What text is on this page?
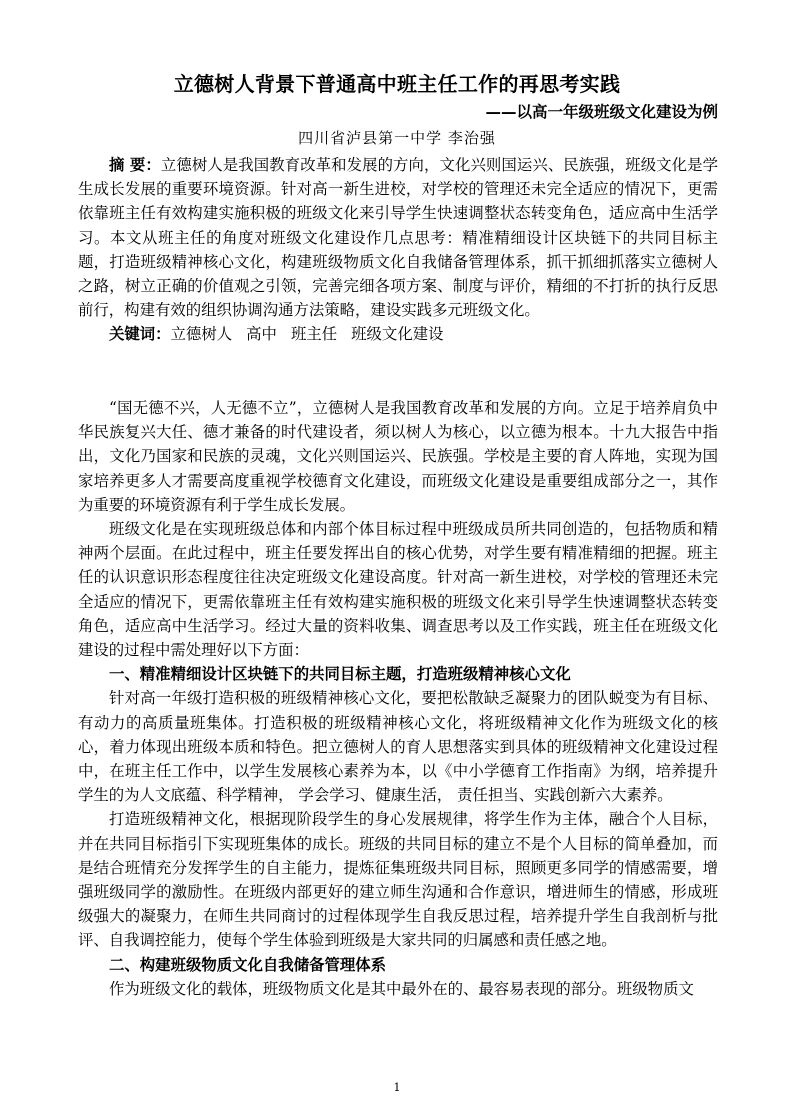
立德树人背景下普通高中班主任工作的再思考实践
——以高一年级班级文化建设为例
四川省泸县第一中学 李治强

摘 要：立德树人是我国教育改革和发展的方向，文化兴则国运兴、民族强，班级文化是学生成长发展的重要环境资源。针对高一新生进校，对学校的管理还未完全适应的情况下，更需依靠班主任有效构建实施积极的班级文化来引导学生快速调整状态转变角色，适应高中生活学习。本文从班主任的角度对班级文化建设作几点思考：精准精细设计区块链下的共同目标主题，打造班级精神核心文化，构建班级物质文化自我储备管理体系，抓干抓细抓落实立德树人之路，树立正确的价值观之引领，完善完细各项方案、制度与评价，精细的不打折的执行反思前行，构建有效的组织协调沟通方法策略，建设实践多元班级文化。

关键词：立德树人 高中 班主任 班级文化建设

“国无德不兴，人无德不立”，立德树人是我国教育改革和发展的方向。立足于培养肩负中华民族复兴大任、德才兼备的时代建设者，须以树人为核心，以立德为根本。十九大报告中指出，文化乃国家和民族的灵魂，文化兴则国运兴、民族强。学校是主要的育人阵地，实现为国家培养更多人才需要高度重视学校德育文化建设，而班级文化建设是重要组成部分之一，其作为重要的环境资源有利于学生成长发展。

班级文化是在实现班级总体和内部个体目标过程中班级成员所共同创造的，包括物质和精神两个层面。在此过程中，班主任要发挥出自的核心优势，对学生要有精准精细的把握。班主任的认识意识形态程度往往决定班级文化建设高度。针对高一新生进校，对学校的管理还未完全适应的情况下，更需依靠班主任有效构建实施积极的班级文化来引导学生快速调整状态转变角色，适应高中生活学习。经过大量的资料收集、调查思考以及工作实践，班主任在班级文化建设的过程中需处理好以下方面：

一、精准精细设计区块链下的共同目标主题，打造班级精神核心文化

针对高一年级打造积极的班级精神核心文化，要把松散缺乏凝聚力的团队蜕变为有目标、有动力的高质量班集体。打造积极的班级精神核心文化，将班级精神文化作为班级文化的核心，着力体现出班级本质和特色。把立德树人的育人思想落实到具体的班级精神文化建设过程中，在班主任工作中，以学生发展核心素养为本，以《中小学德育工作指南》为纲，培养提升学生的为人文底蕴、科学精神， 学会学习、健康生活， 责任担当、实践创新六大素养。

打造班级精神文化，根据现阶段学生的身心发展规律，将学生作为主体，融合个人目标，并在共同目标指引下实现班集体的成长。班级的共同目标的建立不是个人目标的简单叠加，而是结合班情充分发挥学生的自主能力，提炼征集班级共同目标，照顾更多同学的情感需要，增强班级同学的激励性。在班级内部更好的建立师生沟通和合作意识，增进师生的情感，形成班级强大的凝聚力，在师生共同商讨的过程体现学生自我反思过程，培养提升学生自我剖析与批评、自我调控能力，使每个学生体验到班级是大家共同的归属感和责任感之地。

二、构建班级物质文化自我储备管理体系

作为班级文化的载体，班级物质文化是其中最外在的、最容易表现的部分。班级物质文

1
